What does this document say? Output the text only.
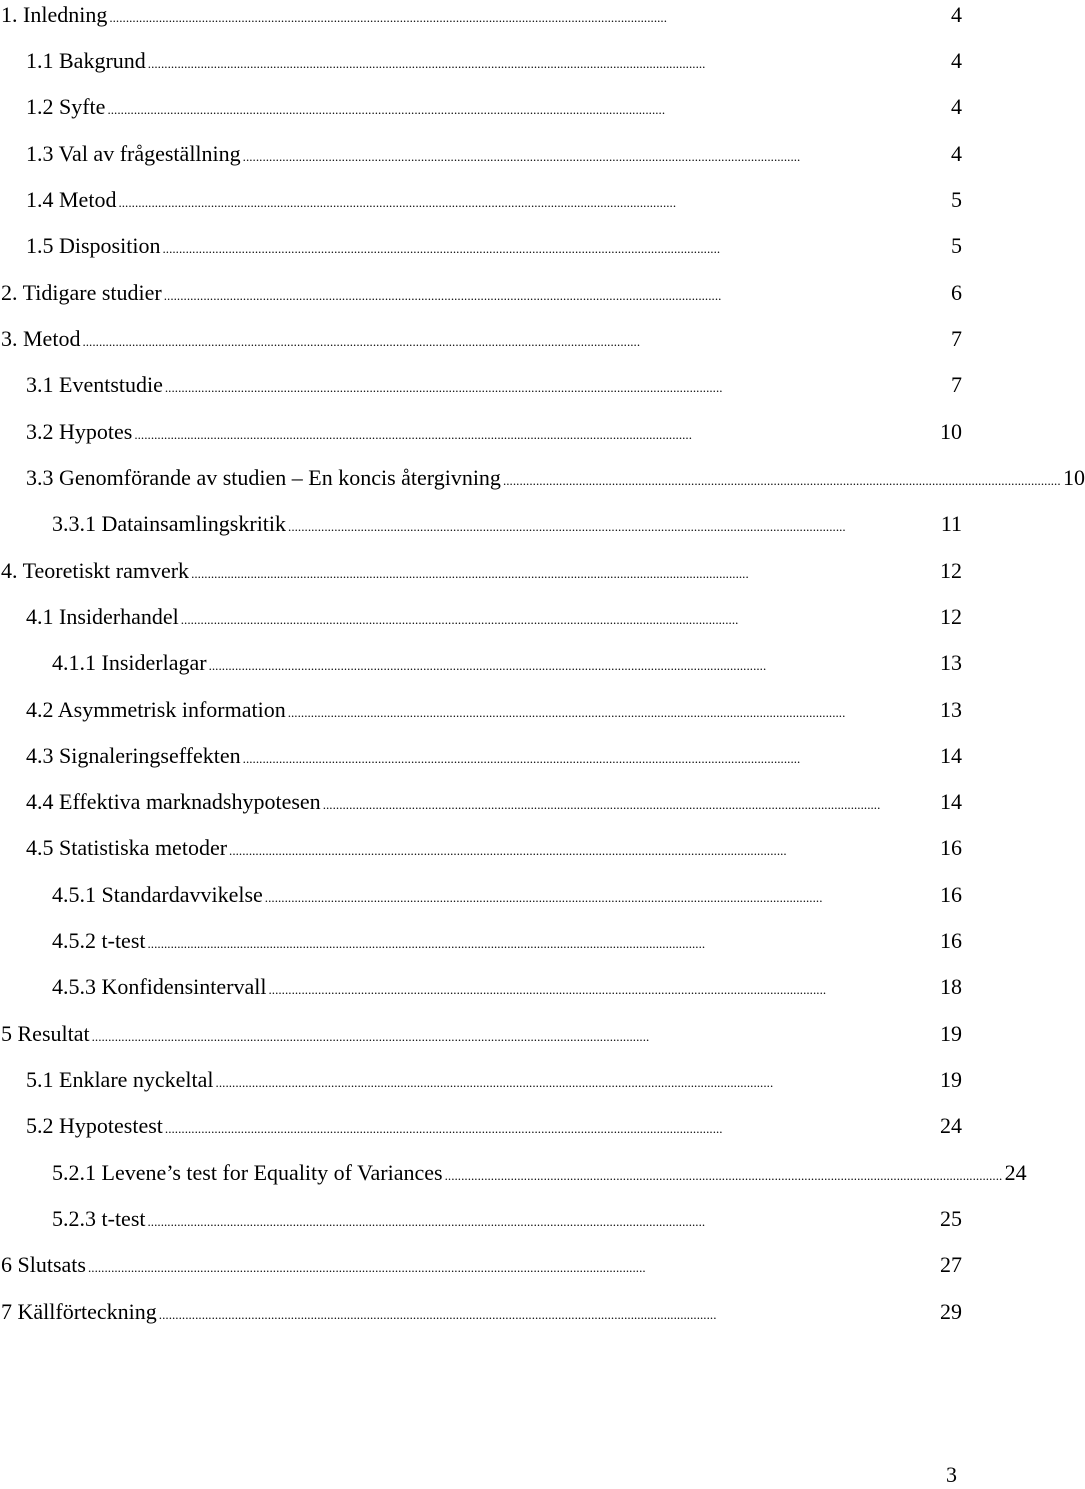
1. Inledning . . .	4
1.1 Bakgrund . . .	4
1.2 Syfte . . .	4
1.3 Val av frågeställning . . .	4
1.4 Metod . . .	5
1.5 Disposition . . .	5
2. Tidigare studier . . .	6
3. Metod . . .	7
3.1 Eventstudie . . .	7
3.2 Hypotes . . .	10
3.3 Genomförande av studien – En koncis återgivning . . .	10
3.3.1 Datainsamlingskritik . . .	11
4. Teoretiskt ramverk . . .	12
4.1 Insiderhandel . . .	12
4.1.1 Insiderlagar . . .	13
4.2 Asymmetrisk information . . .	13
4.3 Signaleringseffekten . . .	14
4.4 Effektiva marknadshypotesen . . .	14
4.5 Statistiska metoder . . .	16
4.5.1 Standardavvikelse . . .	16
4.5.2 t-test . . .	16
4.5.3 Konfidensintervall . . .	18
5 Resultat . . .	19
5.1 Enklare nyckeltal . . .	19
5.2 Hypotestest . . .	24
5.2.1 Levene’s test for Equality of Variances . . .	24
5.2.3 t-test . . .	25
6 Slutsats . . .	27
7 Källförteckning . . .	29
3
